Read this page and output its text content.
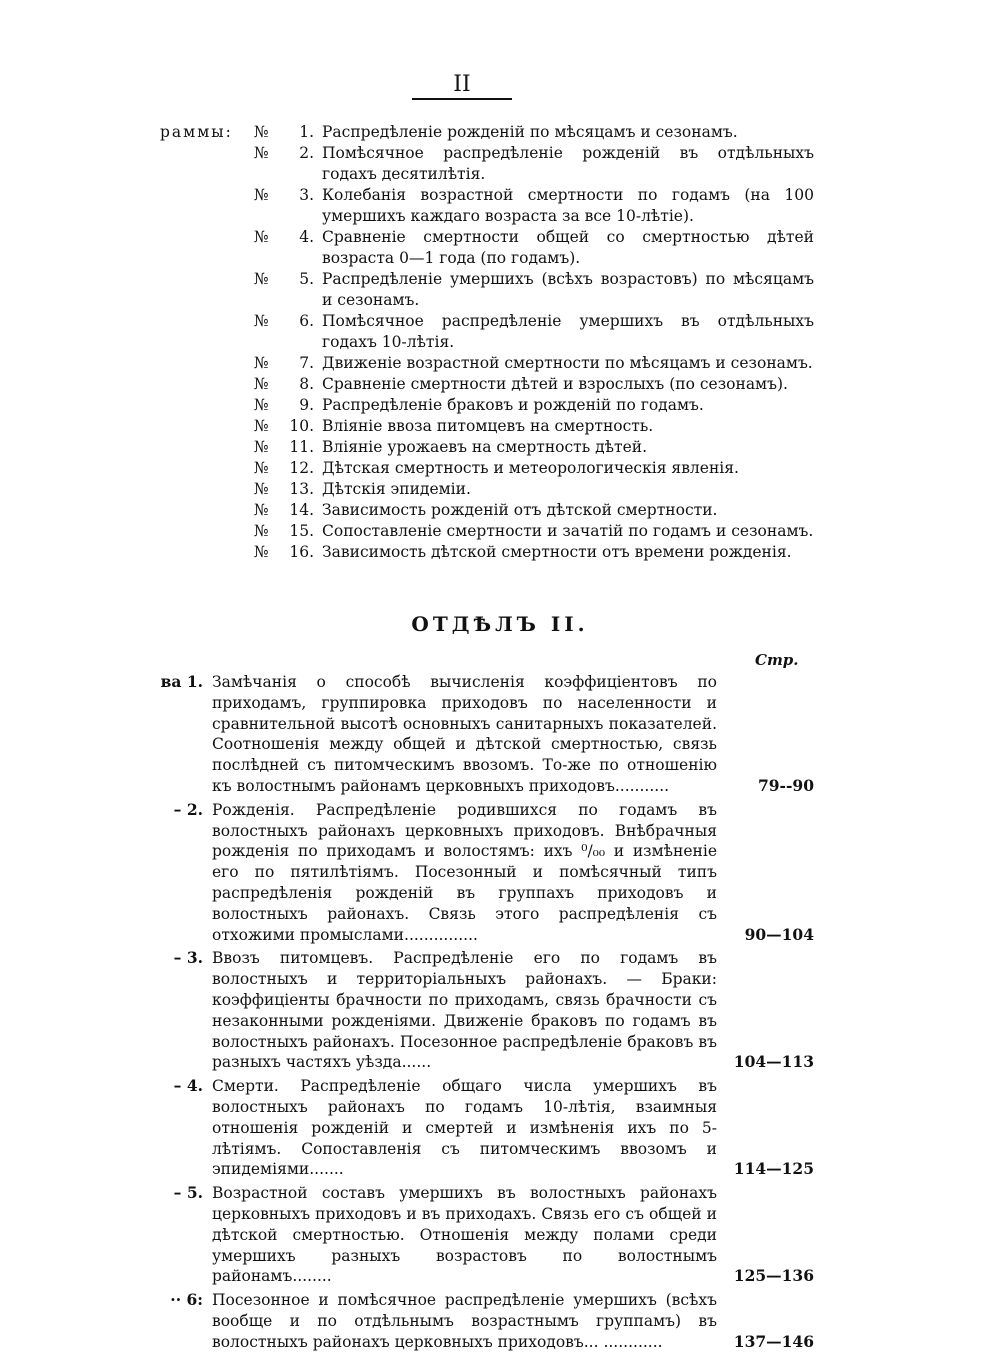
II
раммы: №	1. Распредѣленіе рожденій по мѣсяцамъ и сезонамъ.
№	2. Помѣсячное распредѣленіе рожденій въ отдѣльныхъ годахъ десятилѣтія.
№	3. Колебанія возрастной смертности по годамъ (на 100 умершихъ каждаго возраста за все 10-лѣтіе).
№	4. Сравненіе смертности общей со смертностью дѣтей возраста 0—1 года (по годамъ).
№	5. Распредѣленіе умершихъ (всѣхъ возрастовъ) по мѣсяцамъ и сезонамъ.
№	6. Помѣсячное распредѣленіе умершихъ въ отдѣльныхъ годахъ 10-лѣтія.
№	7. Движеніе возрастной смертности по мѣсяцамъ и сезонамъ.
№	8. Сравненіе смертности дѣтей и взрослыхъ (по сезонамъ).
№	9. Распредѣленіе браковъ и рожденій по годамъ.
№	10. Вліяніе ввоза питомцевъ на смертность.
№	11. Вліяніе урожаевъ на смертность дѣтей.
№	12. Дѣтская смертность и метеорологическія явленія.
№	13. Дѣтскія эпидеміи.
№	14. Зависимость рожденій отъ дѣтской смертности.
№	15. Сопоставленіе смертности и зачатій по годамъ и сезонамъ.
№	16. Зависимость дѣтской смертности отъ времени рожденія.
ОТДѢЛЪ II.
Стр.
ва 1. Замѣчанія о способѣ вычисленія коэффиціентовъ по приходамъ, группировка приходовъ по населенности и сравнительной высотѣ основныхъ санитарныхъ показателей. Соотношенія между общей и дѣтской смертностью, связь послѣдней съ питомческимъ ввозомъ. То-же по отношенію къ волостнымъ районамъ церковныхъ приходовъ...........	79--90
– 2. Рожденія. Распредѣленіе родившихся по годамъ въ волостныхъ районахъ церковныхъ приходовъ. Внѣбрачныя рожденія по приходамъ и волостямъ: ихъ ⁰/₀₀ и измѣненіе его по пятилѣтіямъ. Посезонный и помѣсячный типъ распредѣленія рожденій въ группахъ приходовъ и волостныхъ районахъ. Связь этого распредѣленія съ отхожими промыслами...............	90—104
– 3. Ввозъ питомцевъ. Распредѣленіе его по годамъ въ волостныхъ и территоріальныхъ районахъ. — Браки: коэффиціенты брачности по приходамъ, связь брачности съ незаконными рожденіями. Движеніе браковъ по годамъ въ волостныхъ районахъ. Посезонное распредѣленіе браковъ въ разныхъ частяхъ уѣзда......	104—113
– 4. Смерти. Распредѣленіе общаго числа умершихъ въ волостныхъ районахъ по годамъ 10-лѣтія, взаимныя отношенія рожденій и смертей и измѣненія ихъ по 5-лѣтіямъ. Сопоставленія съ питомческимъ ввозомъ и эпидеміями.......	114—125
– 5. Возрастной составъ умершихъ въ волостныхъ районахъ церковныхъ приходовъ и въ приходахъ. Связь его съ общей и дѣтской смертностью. Отношенія между полами среди умершихъ разныхъ возрастовъ по волостнымъ районамъ........	125—136
·· 6: Посезонное и помѣсячное распредѣленіе умершихъ (всѣхъ вообще и по отдѣльнымъ возрастнымъ группамъ) въ волостныхъ районахъ церковныхъ приходовъ... ............	137—146
